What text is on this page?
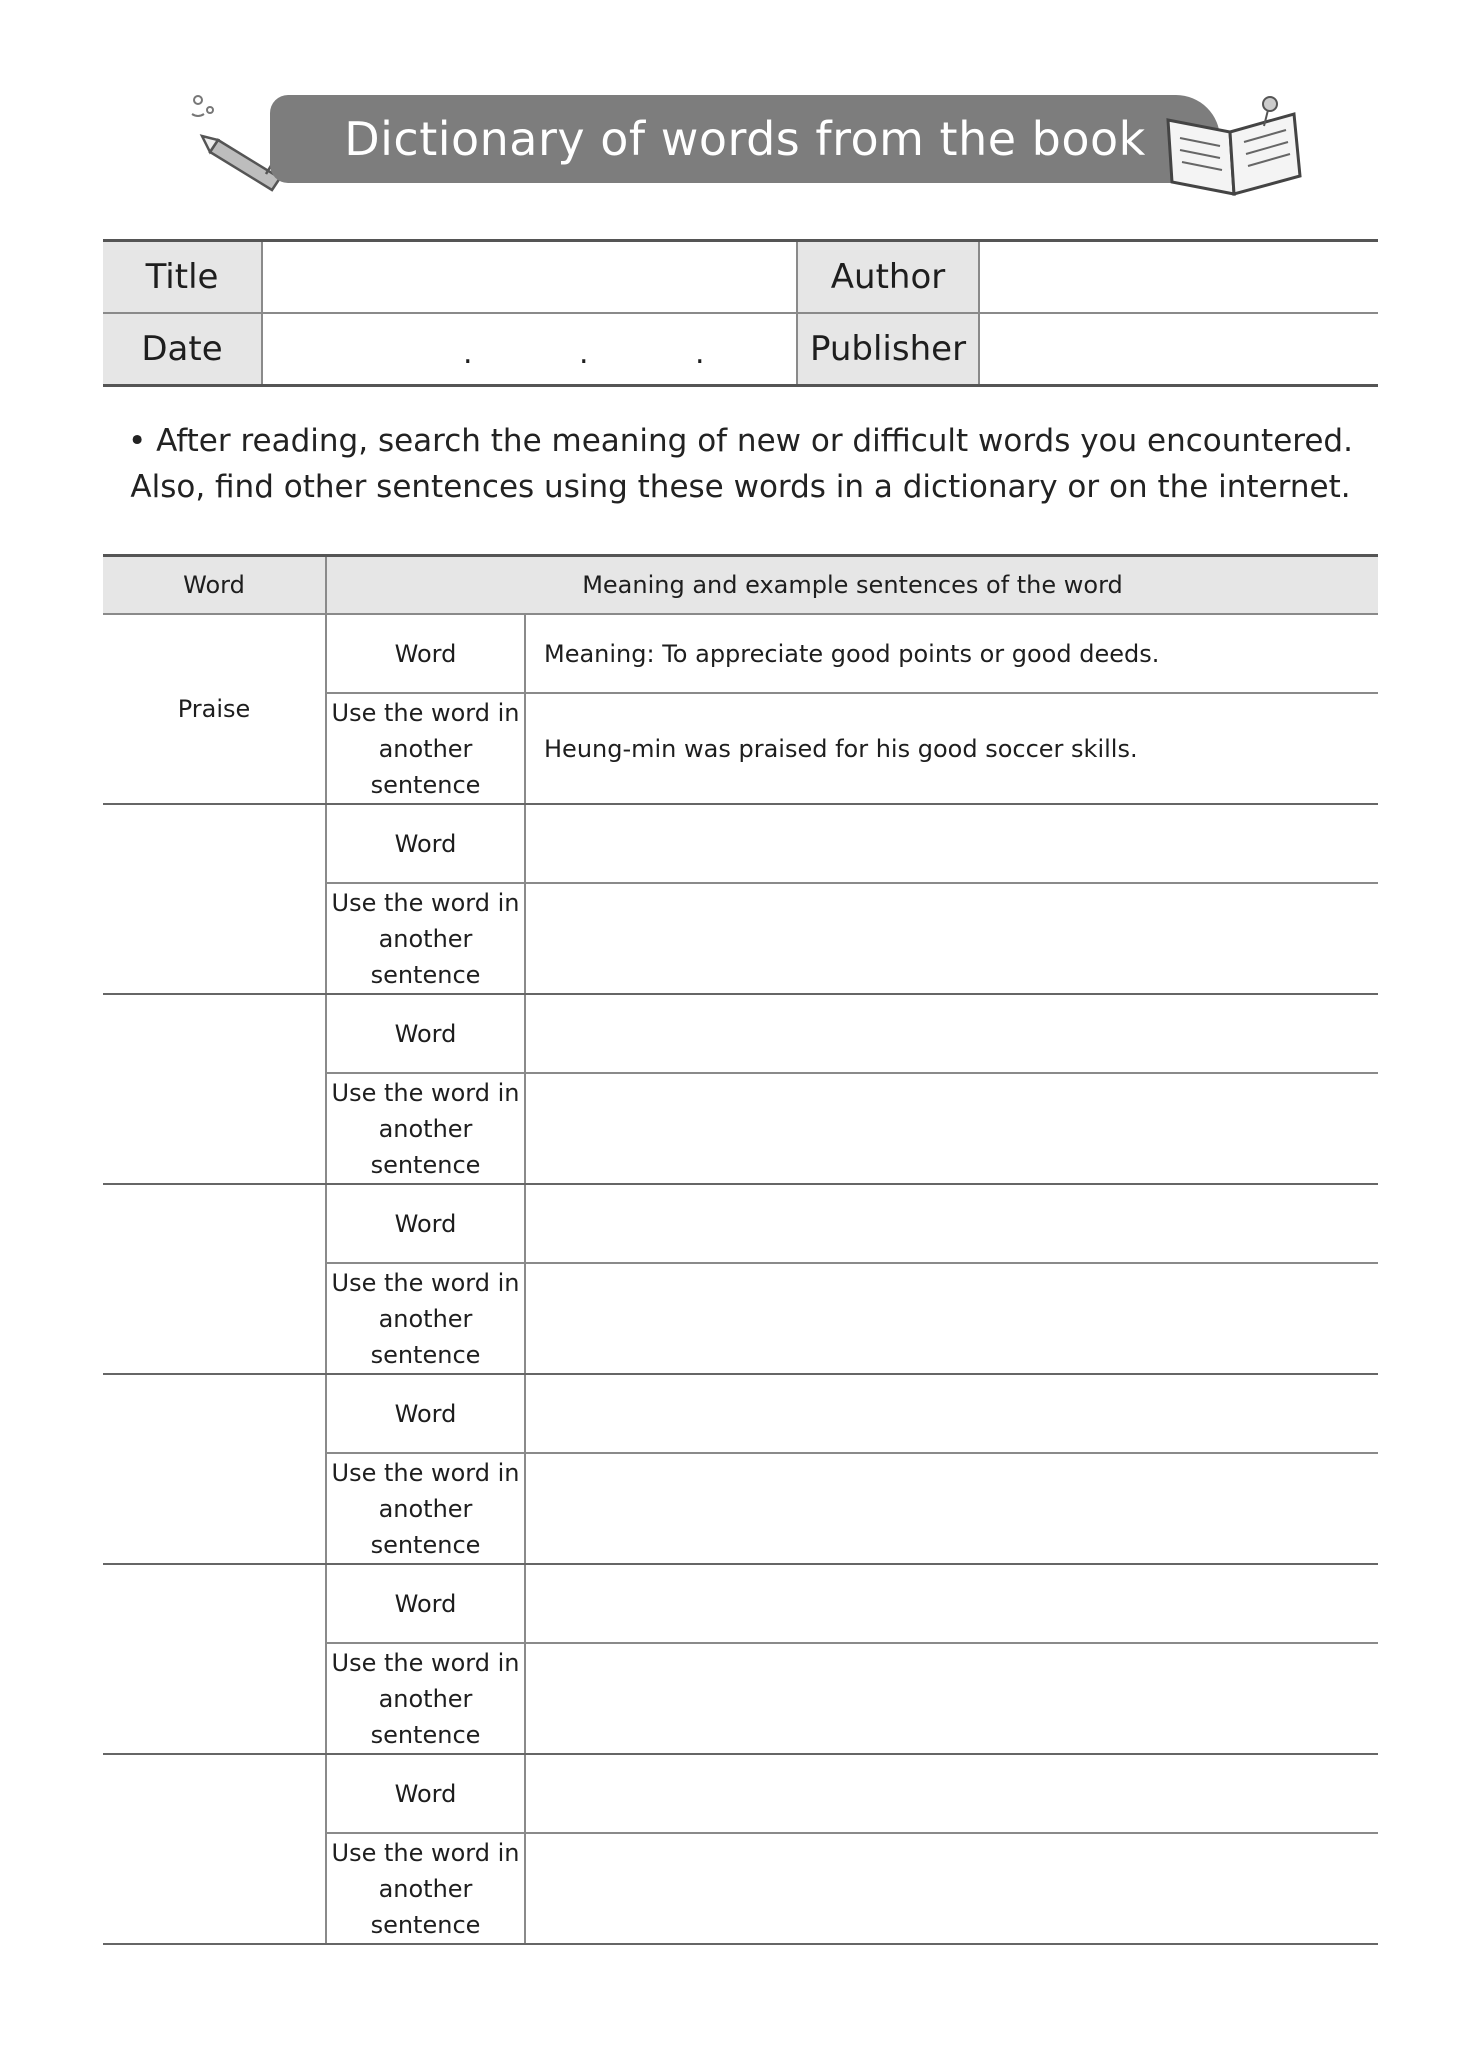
Dictionary of words from the book
Title		Author	
Date	. . .	Publisher	

• After reading, search the meaning of new or difficult words you encountered.

Also, find other sentences using these words in a dictionary or on the internet.

Word	Meaning and example sentences of the word	
Praise	Word	Meaning: To appreciate good points or good deeds.
	Use the word in another sentence	Heung-min was praised for his good soccer skills.
	Word	
	Use the word in another sentence	
	Word	
	Use the word in another sentence	
	Word	
	Use the word in another sentence	
	Word	
	Use the word in another sentence	
	Word	
	Use the word in another sentence	
	Word	
	Use the word in another sentence	
